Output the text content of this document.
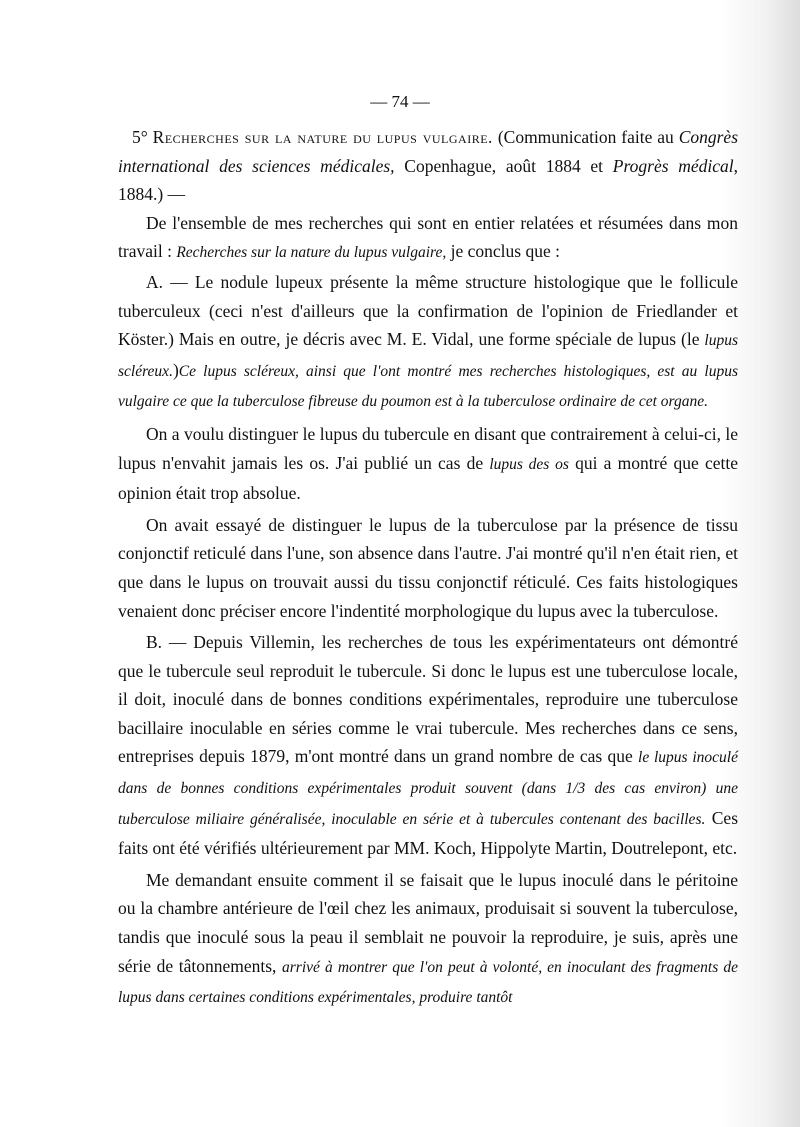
— 74 —

5° Recherches sur la nature du lupus vulgaire. (Communication faite au Congrès international des sciences médicales, Copenhague, août 1884 et Progrès médical, 1884.) —

De l'ensemble de mes recherches qui sont en entier relatées et résumées dans mon travail : Recherches sur la nature du lupus vulgaire, je conclus que :

A. — Le nodule lupeux présente la même structure histologique que le follicule tuberculeux (ceci n'est d'ailleurs que la confirmation de l'opinion de Friedlander et Köster.) Mais en outre, je décris avec M. E. Vidal, une forme spéciale de lupus (le lupus scléreux.)Ce lupus scléreux, ainsi que l'ont montré mes recherches histologiques, est au lupus vulgaire ce que la tuberculose fibreuse du poumon est à la tuberculose ordinaire de cet organe.

On a voulu distinguer le lupus du tubercule en disant que contrairement à celui-ci, le lupus n'envahit jamais les os. J'ai publié un cas de lupus des os qui a montré que cette opinion était trop absolue.

On avait essayé de distinguer le lupus de la tuberculose par la présence de tissu conjonctif reticulé dans l'une, son absence dans l'autre. J'ai montré qu'il n'en était rien, et que dans le lupus on trouvait aussi du tissu conjonctif réticulé. Ces faits histologiques venaient donc préciser encore l'indentité morphologique du lupus avec la tuberculose.

B. — Depuis Villemin, les recherches de tous les expérimentateurs ont démontré que le tubercule seul reproduit le tubercule. Si donc le lupus est une tuberculose locale, il doit, inoculé dans de bonnes conditions expérimentales, reproduire une tuberculose bacillaire inoculable en séries comme le vrai tubercule. Mes recherches dans ce sens, entreprises depuis 1879, m'ont montré dans un grand nombre de cas que le lupus inoculé dans de bonnes conditions expérimentales produit souvent (dans 1/3 des cas environ) une tuberculose miliaire généralisée, inoculable en série et à tubercules contenant des bacilles. Ces faits ont été vérifiés ultérieurement par MM. Koch, Hippolyte Martin, Doutrelepont, etc.

Me demandant ensuite comment il se faisait que le lupus inoculé dans le péritoine ou la chambre antérieure de l'œil chez les animaux, produisait si souvent la tuberculose, tandis que inoculé sous la peau il semblait ne pouvoir la reproduire, je suis, après une série de tâtonnements, arrivé à montrer que l'on peut à volonté, en inoculant des fragments de lupus dans certaines conditions expérimentales, produire tantôt
